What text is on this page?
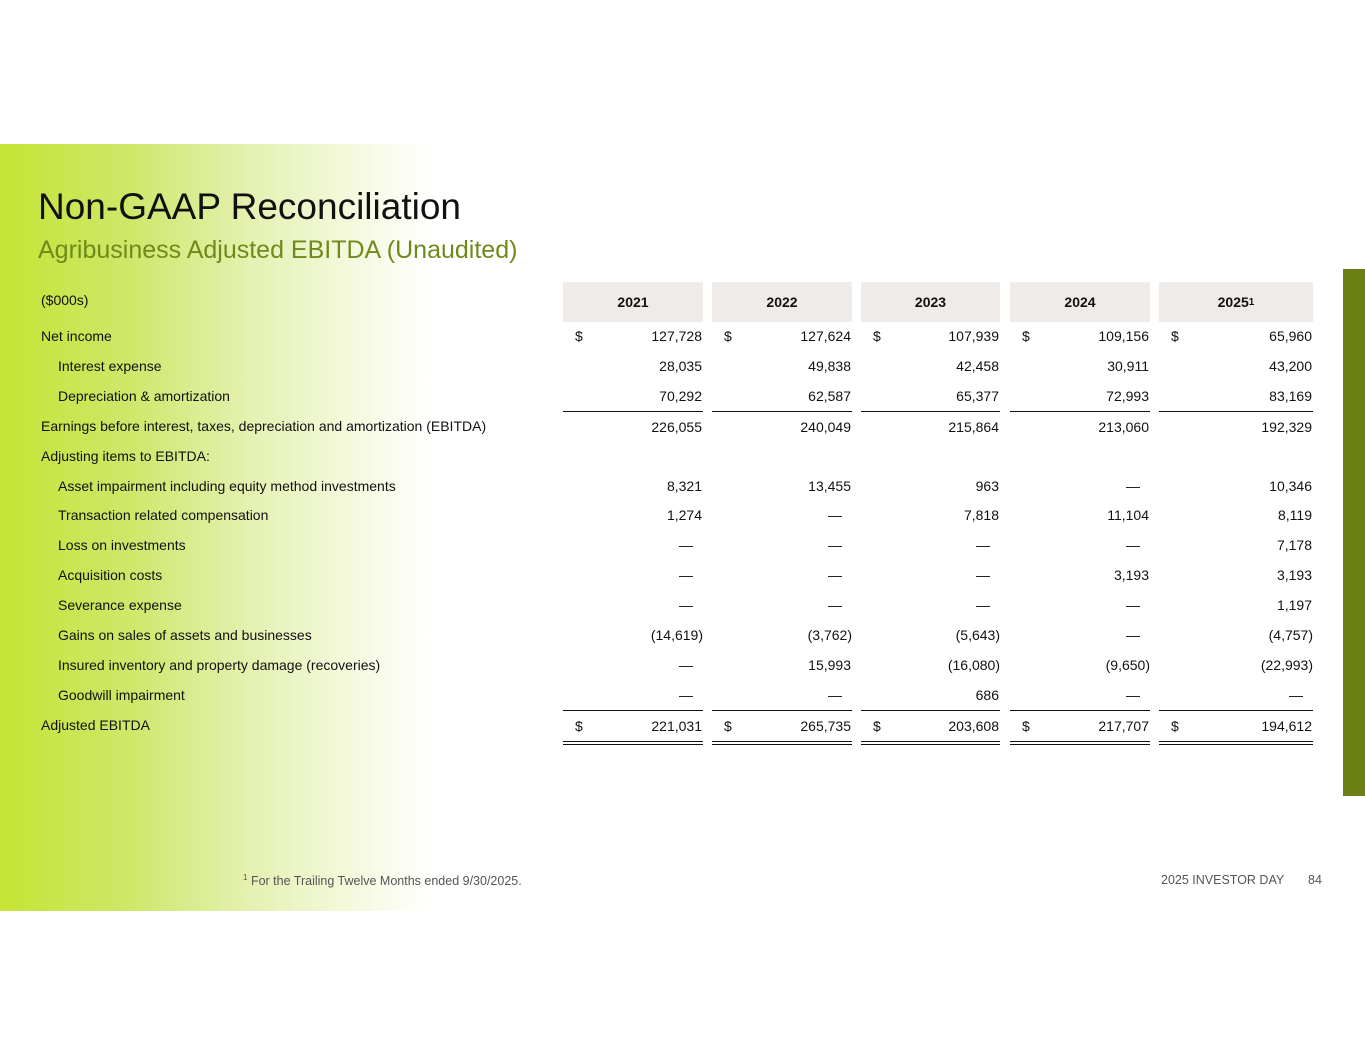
Non-GAAP Reconciliation
Agribusiness Adjusted EBITDA (Unaudited)
($000s)	2021	2022	2023	2024	2025 1
Net income	$	127,728 $	127,624 $	107,939 $	109,156 $	65,960
Interest expense	28,035	49,838	42,458	30,911	43,200
Depreciation & amortization	70,292	62,587	65,377	72,993	83,169
Earnings before interest, taxes, depreciation and amortization (EBITDA)	226,055	240,049	215,864	213,060	192,329
Adjusting items to EBITDA:
Asset impairment including equity method investments	8,321	13,455	963	—	10,346
Transaction related compensation	1,274	—	7,818	11,104	8,119
Loss on investments	—	—	—	—	7,178
Acquisition costs	—	—	—	3,193	3,193
Severance expense	—	—	—	—	1,197
Gains on sales of assets and businesses	(14,619)	(3,762)	(5,643)	—	(4,757)
Insured inventory and property damage (recoveries)	—	15,993	(16,080)	(9,650)	(22,993)
Goodwill impairment	—	—	686	—	—
Adjusted EBITDA	$	221,031 $	265,735 $	203,608 $	217,707 $	194,612
$^1$ For the Trailing Twelve Months ended 9/30/2025.	2025 INVESTOR DAY 84
